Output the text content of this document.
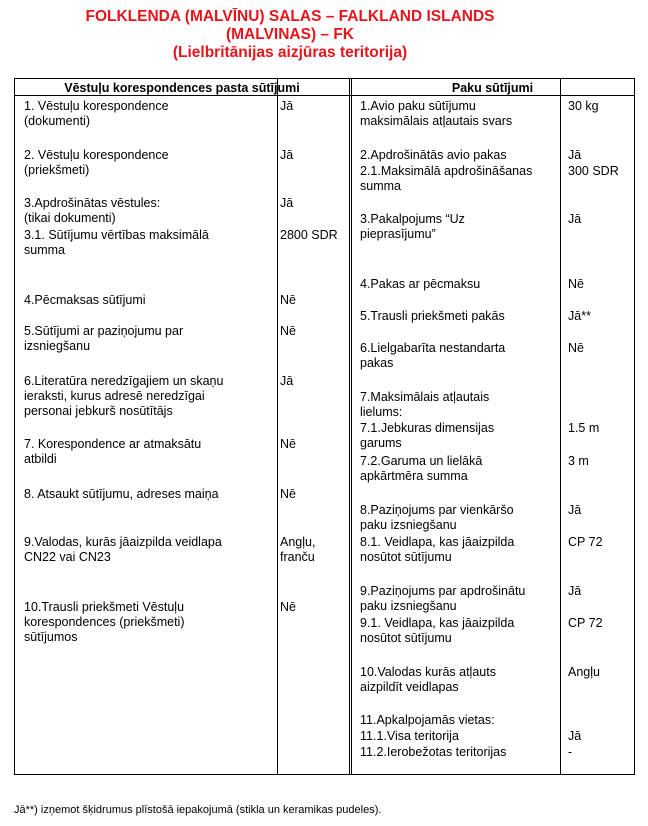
FOLKLENDA (MALVĪNU) SALAS – FALKLAND ISLANDS
(MALVINAS) – FK
(Lielbritānijas aizjūras teritorija)
Vēstuļu korespondences pasta sūtījumi	Paku sūtījumi
1. Vēstuļu korespondence
(dokumenti)
Jā
2. Vēstuļu korespondence
(priekšmeti)
Jā
3.Apdrošinātas vēstules:
(tikai dokumenti)
Jā
3.1. Sūtījumu vērtības maksimālā
summa
2800 SDR
4.Pēcmaksas sūtījumi	Nē
5.Sūtījumi ar paziņojumu par
izsniegšanu
Nē
6.Literatūra neredzīgajiem un skaņu
ieraksti, kurus adresē neredzīgai
personai jebkurš nosūtītājs
Jā
7. Korespondence ar atmaksātu
atbildi
Nē
8. Atsaukt sūtījumu, adreses maiņa	Nē
9.Valodas, kurās jāaizpilda veidlapa
CN22 vai CN23
Angļu,
franču
10.Trausli priekšmeti Vēstuļu
korespondences (priekšmeti)
sūtījumos
Nē
1.Avio paku sūtījumu
maksimālais atļautais svars
30 kg
2.Apdrošinātās avio pakas	Jā
2.1.Maksimālā apdrošināšanas
summa
300 SDR
3.Pakalpojums “Uz
pieprasījumu”
Jā
4.Pakas ar pēcmaksu	Nē
5.Trausli priekšmeti pakās	Jā**
6.Lielgabarīta nestandarta
pakas
Nē
7.Maksimālais atļautais
lielums:
7.1.Jebkuras dimensijas
garums
1.5 m
7.2.Garuma un lielākā
apkārtmēra summa
3 m
8.Paziņojums par vienkāršo
paku izsniegšanu
Jā
8.1. Veidlapa, kas jāaizpilda
nosūtot sūtījumu
CP 72
9.Paziņojums par apdrošinātu
paku izsniegšanu
Jā
9.1. Veidlapa, kas jāaizpilda
nosūtot sūtījumu
CP 72
10.Valodas kurās atļauts
aizpildīt veidlapas
Angļu
11.Apkalpojamās vietas:
11.1.Visa teritorija	Jā
11.2.Ierobežotas teritorijas	-
Jā**) izņemot šķidrumus plīstošā iepakojumā (stikla un keramikas pudeles).
